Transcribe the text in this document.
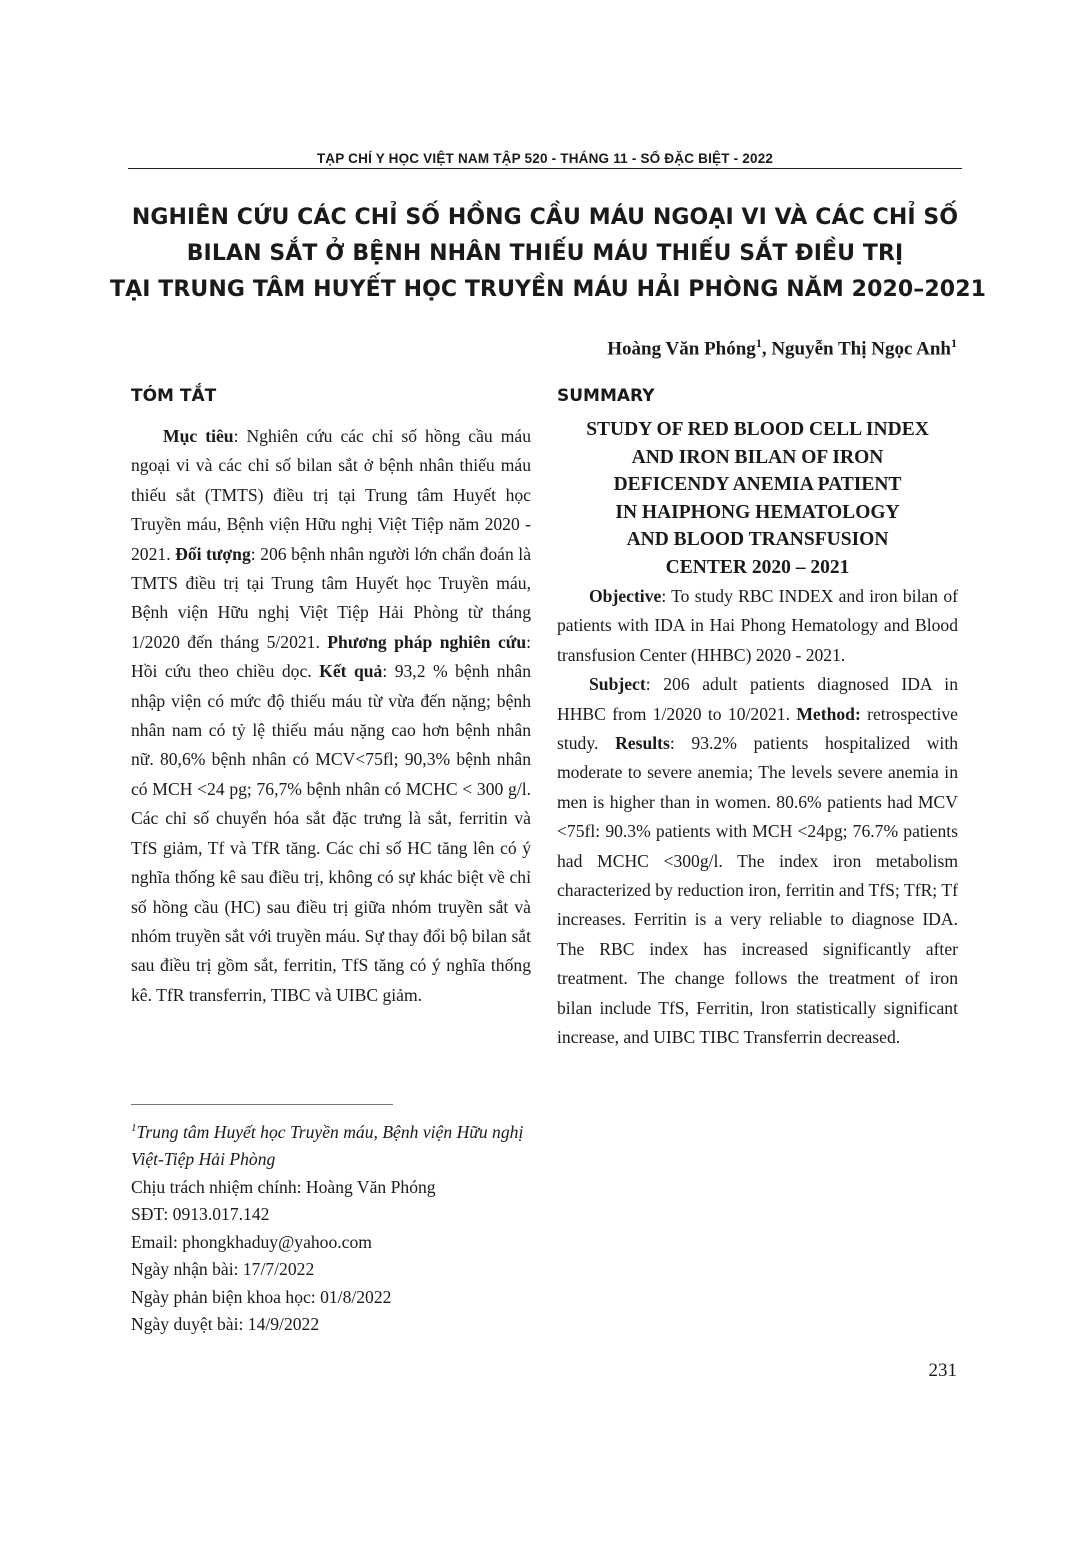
TẠP CHÍ Y HỌC VIỆT NAM TẬP 520 - THÁNG 11 - SỐ ĐẶC BIỆT - 2022
NGHIÊN CỨU CÁC CHỈ SỐ HỒNG CẦU MÁU NGOẠI VI VÀ CÁC CHỈ SỐ
BILAN SẮT Ở BỆNH NHÂN THIẾU MÁU THIẾU SẮT ĐIỀU TRỊ
TẠI TRUNG TÂM HUYẾT HỌC TRUYỀN MÁU HẢI PHÒNG NĂM 2020–2021
Hoàng Văn Phóng$^1$, Nguyễn Thị Ngọc Anh$^1$
TÓM TẮT

Mục tiêu: Nghiên cứu các chỉ số hồng cầu máu ngoại vi và các chỉ số bilan sắt ở bệnh nhân thiếu máu thiếu sắt (TMTS) điều trị tại Trung tâm Huyết học Truyền máu, Bệnh viện Hữu nghị Việt Tiệp năm 2020 - 2021. Đối tượng: 206 bệnh nhân người lớn chẩn đoán là TMTS điều trị tại Trung tâm Huyết học Truyền máu, Bệnh viện Hữu nghị Việt Tiệp Hải Phòng từ tháng 1/2020 đến tháng 5/2021. Phương pháp nghiên cứu: Hồi cứu theo chiều dọc. Kết quả: 93,2 % bệnh nhân nhập viện có mức độ thiếu máu từ vừa đến nặng; bệnh nhân nam có tỷ lệ thiếu máu nặng cao hơn bệnh nhân nữ. 80,6% bệnh nhân có MCV<75fl; 90,3% bệnh nhân có MCH <24 pg; 76,7% bệnh nhân có MCHC < 300 g/l. Các chỉ số chuyển hóa sắt đặc trưng là sắt, ferritin và TfS giảm, Tf và TfR tăng. Các chỉ số HC tăng lên có ý nghĩa thống kê sau điều trị, không có sự khác biệt về chỉ số hồng cầu (HC) sau điều trị giữa nhóm truyền sắt và nhóm truyền sắt với truyền máu. Sự thay đổi bộ bilan sắt sau điều trị gồm sắt, ferritin, TfS tăng có ý nghĩa thống kê. TfR transferrin, TIBC và UIBC giảm.

$^1$Trung tâm Huyết học Truyền máu, Bệnh viện Hữu nghị Việt-Tiệp Hải Phòng
Chịu trách nhiệm chính: Hoàng Văn Phóng
SĐT: 0913.017.142
Email: phongkhaduy@yahoo.com
Ngày nhận bài: 17/7/2022
Ngày phản biện khoa học: 01/8/2022
Ngày duyệt bài: 14/9/2022
SUMMARY
STUDY OF RED BLOOD CELL INDEX
AND IRON BILAN OF IRON
DEFICENDY ANEMIA PATIENT
IN HAIPHONG HEMATOLOGY
AND BLOOD TRANSFUSION
CENTER 2020 – 2021

Objective: To study RBC INDEX and iron bilan of patients with IDA in Hai Phong Hematology and Blood transfusion Center (HHBC) 2020 - 2021.

Subject: 206 adult patients diagnosed IDA in HHBC from 1/2020 to 10/2021. Method: retrospective study. Results: 93.2% patients hospitalized with moderate to severe anemia; The levels severe anemia in men is higher than in women. 80.6% patients had MCV <75fl: 90.3% patients with MCH <24pg; 76.7% patients had MCHC <300g/l. The index iron metabolism characterized by reduction iron, ferritin and TfS; TfR; Tf increases. Ferritin is a very reliable to diagnose IDA. The RBC index has increased significantly after treatment. The change follows the treatment of iron bilan include TfS, Ferritin, lron statistically significant increase, and UIBC TIBC Transferrin decreased.

231
